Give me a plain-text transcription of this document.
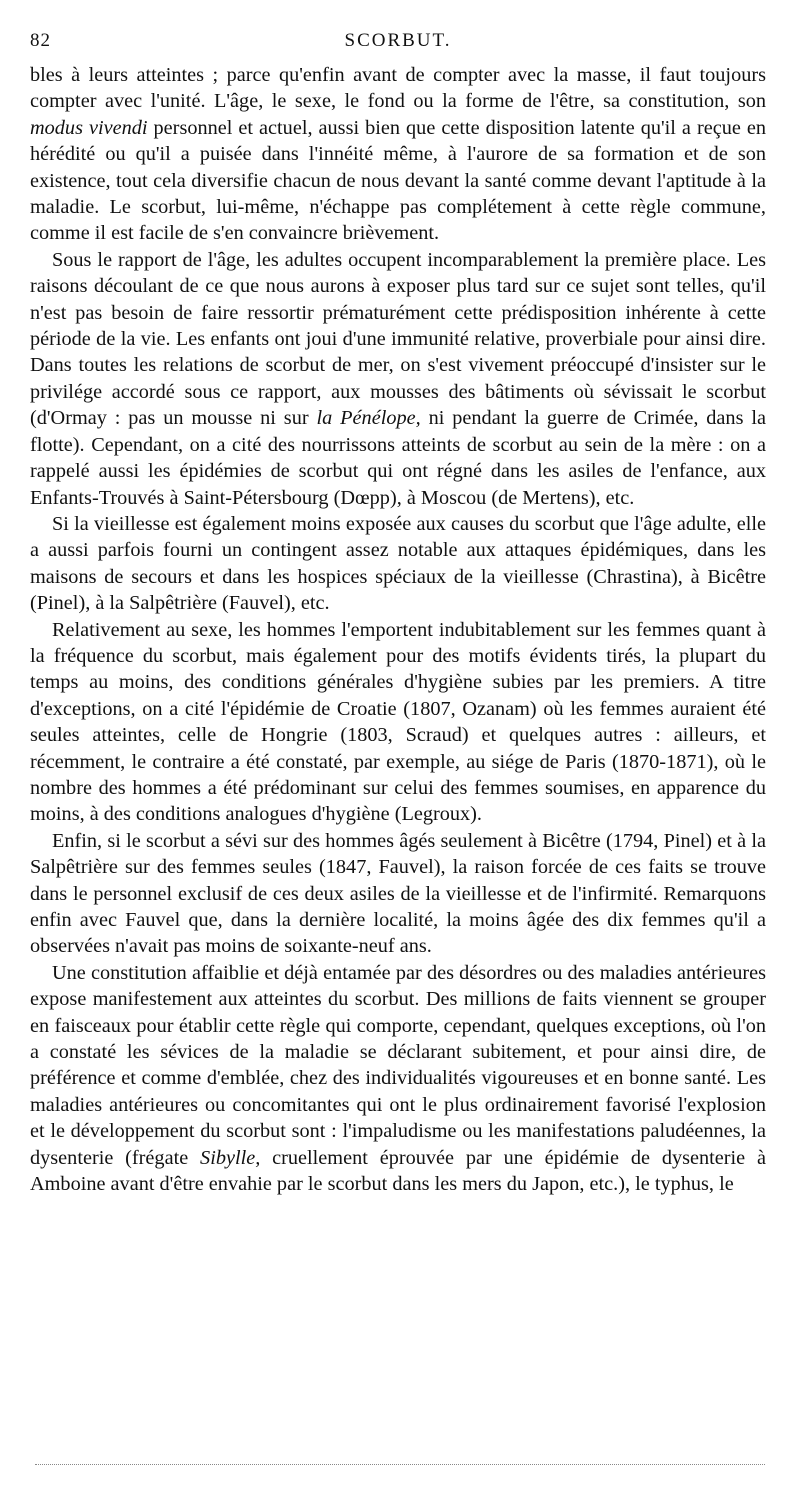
82	SCORBUT.

bles à leurs atteintes ; parce qu'enfin avant de compter avec la masse, il faut toujours compter avec l'unité. L'âge, le sexe, le fond ou la forme de l'être, sa constitution, son modus vivendi personnel et actuel, aussi bien que cette disposition latente qu'il a reçue en hérédité ou qu'il a puisée dans l'innéité même, à l'aurore de sa formation et de son existence, tout cela diversifie chacun de nous devant la santé comme devant l'aptitude à la maladie. Le scorbut, lui-même, n'échappe pas complétement à cette règle commune, comme il est facile de s'en convaincre brièvement.

Sous le rapport de l'âge, les adultes occupent incomparablement la première place. Les raisons découlant de ce que nous aurons à exposer plus tard sur ce sujet sont telles, qu'il n'est pas besoin de faire ressortir prématurément cette prédisposition inhérente à cette période de la vie. Les enfants ont joui d'une immunité relative, proverbiale pour ainsi dire. Dans toutes les relations de scorbut de mer, on s'est vivement préoccupé d'insister sur le privilége accordé sous ce rapport, aux mousses des bâtiments où sévissait le scorbut (d'Ormay : pas un mousse ni sur la Pénélope, ni pendant la guerre de Crimée, dans la flotte). Cependant, on a cité des nourrissons atteints de scorbut au sein de la mère : on a rappelé aussi les épidémies de scorbut qui ont régné dans les asiles de l'enfance, aux Enfants-Trouvés à Saint-Pétersbourg (Dœpp), à Moscou (de Mertens), etc.

Si la vieillesse est également moins exposée aux causes du scorbut que l'âge adulte, elle a aussi parfois fourni un contingent assez notable aux attaques épidémiques, dans les maisons de secours et dans les hospices spéciaux de la vieillesse (Chrastina), à Bicêtre (Pinel), à la Salpêtrière (Fauvel), etc.

Relativement au sexe, les hommes l'emportent indubitablement sur les femmes quant à la fréquence du scorbut, mais également pour des motifs évidents tirés, la plupart du temps au moins, des conditions générales d'hygiène subies par les premiers. A titre d'exceptions, on a cité l'épidémie de Croatie (1807, Ozanam) où les femmes auraient été seules atteintes, celle de Hongrie (1803, Scraud) et quelques autres : ailleurs, et récemment, le contraire a été constaté, par exemple, au siége de Paris (1870-1871), où le nombre des hommes a été prédominant sur celui des femmes soumises, en apparence du moins, à des conditions analogues d'hygiène (Legroux).

Enfin, si le scorbut a sévi sur des hommes âgés seulement à Bicêtre (1794, Pinel) et à la Salpêtrière sur des femmes seules (1847, Fauvel), la raison forcée de ces faits se trouve dans le personnel exclusif de ces deux asiles de la vieillesse et de l'infirmité. Remarquons enfin avec Fauvel que, dans la dernière localité, la moins âgée des dix femmes qu'il a observées n'avait pas moins de soixante-neuf ans.

Une constitution affaiblie et déjà entamée par des désordres ou des maladies antérieures expose manifestement aux atteintes du scorbut. Des millions de faits viennent se grouper en faisceaux pour établir cette règle qui comporte, cependant, quelques exceptions, où l'on a constaté les sévices de la maladie se déclarant subitement, et pour ainsi dire, de préférence et comme d'emblée, chez des individualités vigoureuses et en bonne santé. Les maladies antérieures ou concomitantes qui ont le plus ordinairement favorisé l'explosion et le développement du scorbut sont : l'impaludisme ou les manifestations paludéennes, la dysenterie (frégate Sibylle, cruellement éprouvée par une épidémie de dysenterie à Amboine avant d'être envahie par le scorbut dans les mers du Japon, etc.), le typhus, le
